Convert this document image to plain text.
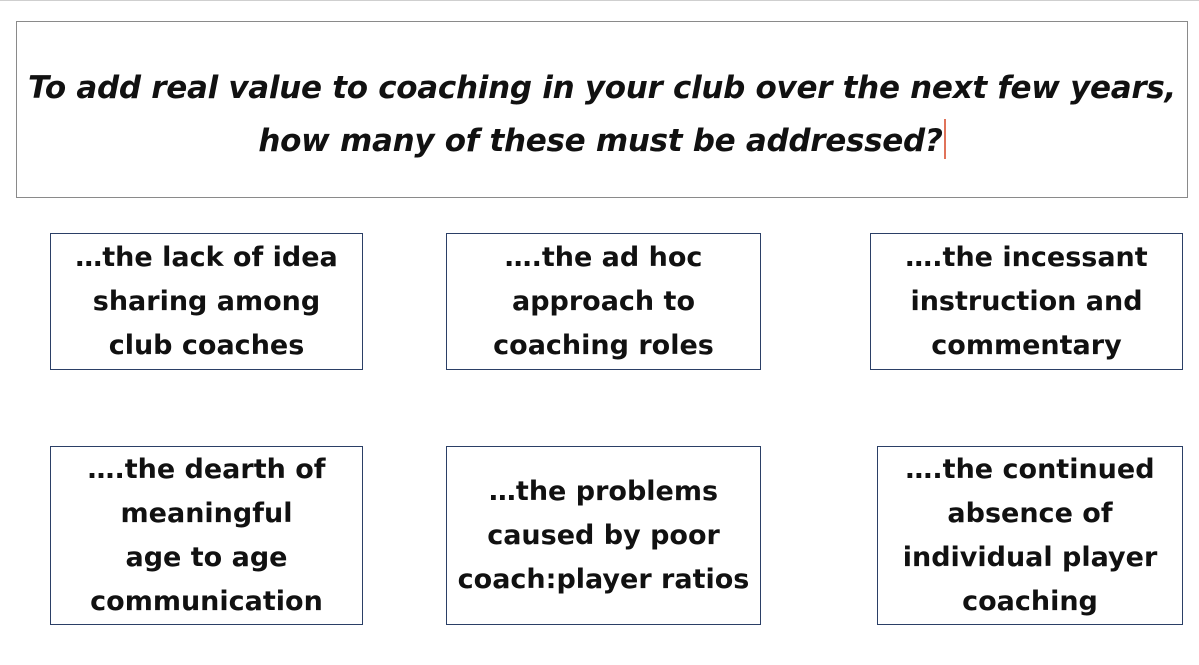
To add real value to coaching in your club over the next few years,
how many of these must be addressed?

…the lack of idea
sharing among
club coaches
….the ad hoc
approach to
coaching roles
….the incessant
instruction and
commentary
….the dearth of
meaningful
age to age
communication
…the problems
caused by poor
coach:player ratios
….the continued
absence of
individual player
coaching
